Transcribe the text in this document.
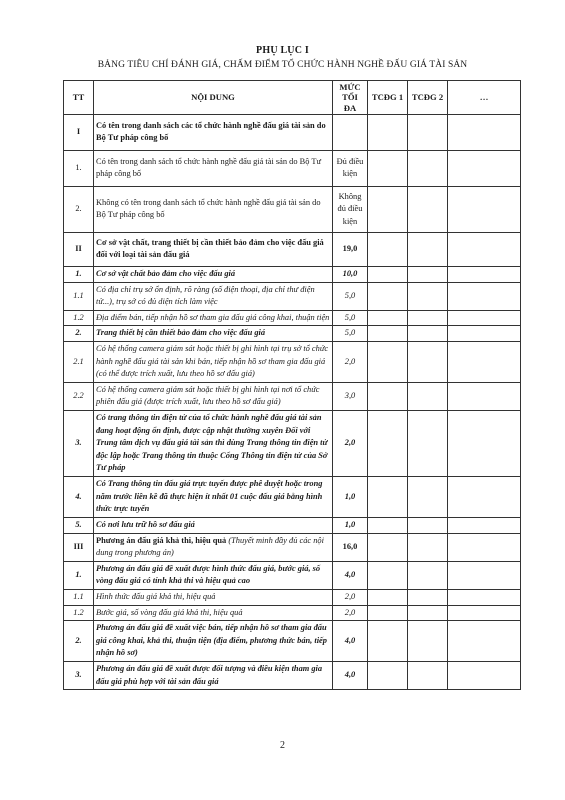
PHỤ LỤC I
BẢNG TIÊU CHÍ ĐÁNH GIÁ, CHẤM ĐIỂM TỔ CHỨC HÀNH NGHỀ ĐẤU GIÁ TÀI SẢN
TT	NỘI DUNG	MỨC TỐI ĐA	TCĐG 1	TCĐG 2	…
I	Có tên trong danh sách các tổ chức hành nghề đấu giá tài sản do Bộ Tư pháp công bố				
1.	Có tên trong danh sách tổ chức hành nghề đấu giá tài sản do Bộ Tư pháp công bố	Đủ điều kiện			
2.	Không có tên trong danh sách tổ chức hành nghề đấu giá tài sản do Bộ Tư pháp công bố	Không đủ điều kiện			
II	Cơ sở vật chất, trang thiết bị cần thiết bảo đảm cho việc đấu giá đối với loại tài sản đấu giá	19,0			
1.	Cơ sở vật chất bảo đảm cho việc đấu giá	10,0			
1.1	Có địa chỉ trụ sở ổn định, rõ ràng (số điện thoại, địa chỉ thư điện tử...), trụ sở có đủ diện tích làm việc	5,0			
1.2	Địa điểm bán, tiếp nhận hồ sơ tham gia đấu giá công khai, thuận tiện	5,0			
2.	Trang thiết bị cần thiết bảo đảm cho việc đấu giá	5,0			
2.1	Có hệ thống camera giám sát hoặc thiết bị ghi hình tại trụ sở tổ chức hành nghề đấu giá tài sản khi bán, tiếp nhận hồ sơ tham gia đấu giá (có thể được trích xuất, lưu theo hồ sơ đấu giá)	2,0			
2.2	Có hệ thống camera giám sát hoặc thiết bị ghi hình tại nơi tổ chức phiên đấu giá (được trích xuất, lưu theo hồ sơ đấu giá)	3,0			
3.	Có trang thông tin điện tử của tổ chức hành nghề đấu giá tài sản đang hoạt động ổn định, được cập nhật thường xuyên Đối với Trung tâm dịch vụ đấu giá tài sản thì dùng Trang thông tin điện tử độc lập hoặc Trang thông tin thuộc Cổng Thông tin điện tử của Sở Tư pháp	2,0			
4.	Có Trang thông tin đấu giá trực tuyến được phê duyệt hoặc trong năm trước liền kề đã thực hiện ít nhất 01 cuộc đấu giá bằng hình thức trực tuyến	1,0			
5.	Có nơi lưu trữ hồ sơ đấu giá	1,0			
III	Phương án đấu giá khả thi, hiệu quả (Thuyết minh đầy đủ các nội dung trong phương án)	16,0			
1.	Phương án đấu giá đề xuất được hình thức đấu giá, bước giá, số vòng đấu giá có tính khả thi và hiệu quả cao	4,0			
1.1	Hình thức đấu giá khả thi, hiệu quả	2,0			
1.2	Bước giá, số vòng đấu giá khả thi, hiệu quả	2,0			
2.	Phương án đấu giá đề xuất việc bán, tiếp nhận hồ sơ tham gia đấu giá công khai, khả thi, thuận tiện (địa điểm, phương thức bán, tiếp nhận hồ sơ)	4,0			
3.	Phương án đấu giá đề xuất được đối tượng và điều kiện tham gia đấu giá phù hợp với tài sản đấu giá	4,0			
2
